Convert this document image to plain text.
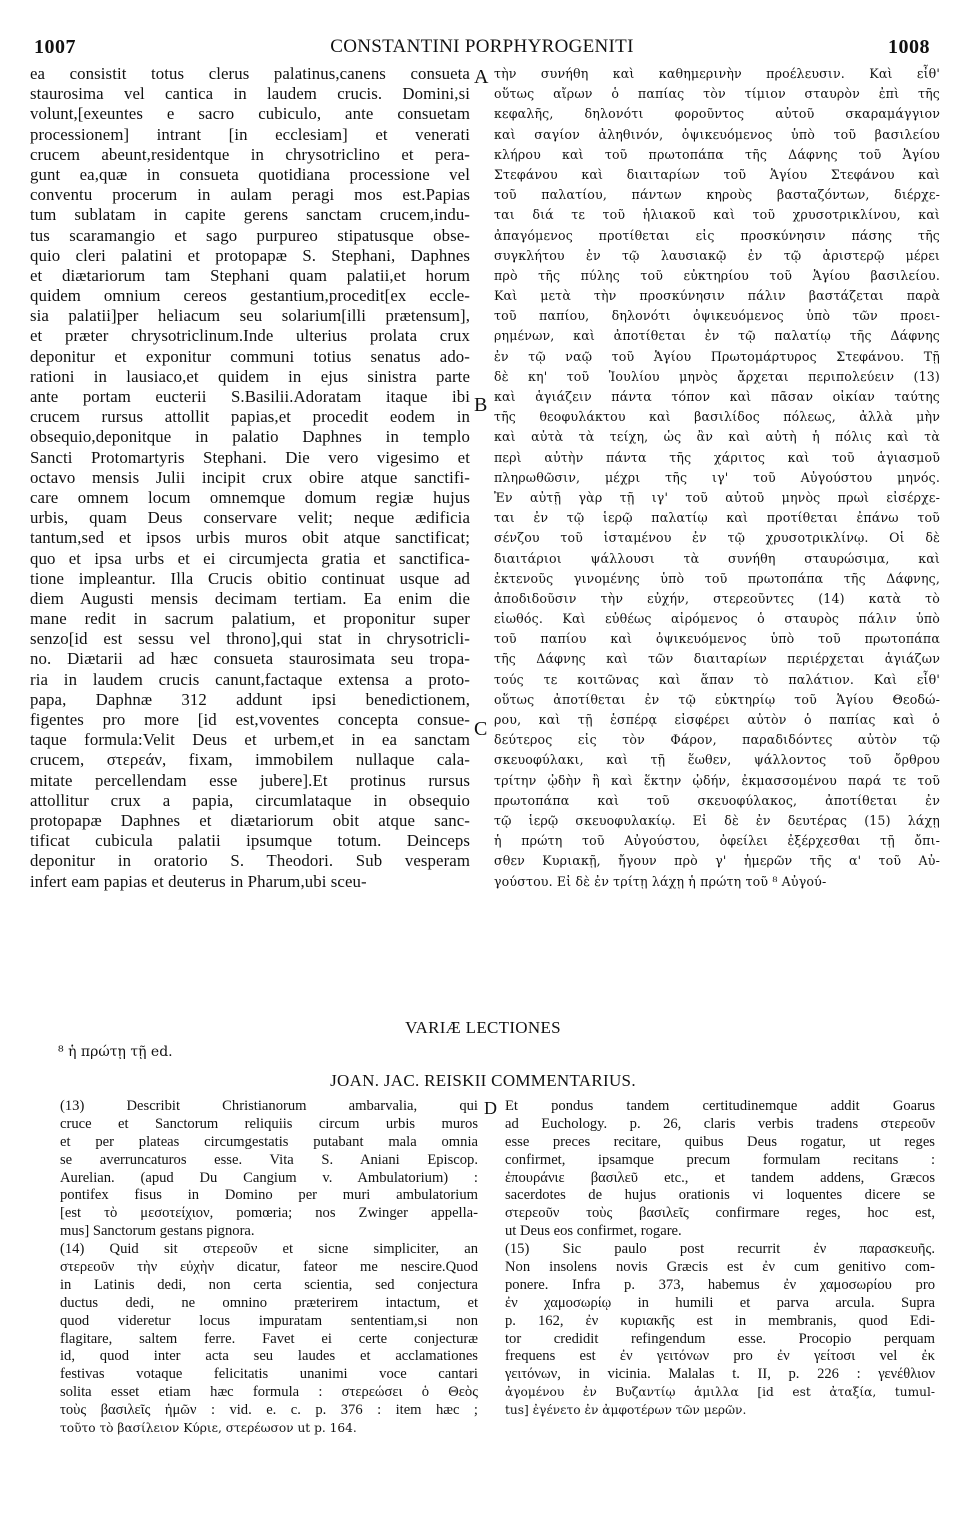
1007	CONSTANTINI PORPHYROGENITI	1008
ea consistit totus clerus palatinus,canens consueta
staurosima vel cantica in laudem crucis. Domini,si
volunt,[exeuntes e sacro cubiculo, ante consuetam
processionem] intrant [in ecclesiam] et venerati
crucem abeunt,residentque in chrysotriclino et pera-
gunt ea,quæ in consueta quotidiana processione vel
conventu procerum in aulam peragi mos est.Papias
tum sublatam in capite gerens sanctam crucem,indu-
tus scaramangio et sago purpureo stipatusque obse-
quio cleri palatini et protopapæ S. Stephani, Daphnes
et diætariorum tam Stephani quam palatii,et horum
quidem omnium cereos gestantium,procedit[ex eccle-
sia palatii]per heliacum seu solarium[illi prætensum],
et præter chrysotriclinum.Inde ulterius prolata crux
deponitur et exponitur communi totius senatus ado-
rationi in lausiaco,et quidem in ejus sinistra parte
ante portam eucterii S.Basilii.Adoratam itaque ibi
crucem rursus attollit papias,et procedit eodem in
obsequio,deponitque in palatio Daphnes in templo
Sancti Protomartyris Stephani. Die vero vigesimo et
octavo mensis Julii incipit crux obire atque sanctifi-
care omnem locum omnemque domum regiæ hujus
urbis, quam Deus conservare velit; neque ædificia
tantum,sed et ipsos urbis muros obit atque sanctificat;
quo et ipsa urbs et ei circumjecta gratia et sanctifica-
tione impleantur. Illa Crucis obitio continuat usque ad
diem Augusti mensis decimam tertiam. Ea enim die
mane redit in sacrum palatium, et proponitur super
senzo[id est sessu vel throno],qui stat in chrysotricli-
no. Diætarii ad hæc consueta staurosimata seu tropa-
ria in laudem crucis canunt,factaque extensa a proto-
papa, Daphnæ 312 addunt ipsi benedictionem,
figentes pro more [id est,voventes concepta consue-
taque formula:Velit Deus et urbem,et in ea sanctam
crucem, στερεάν, fixam, immobilem nullaque cala-
mitate percellendam esse jubere].Et protinus rursus
attollitur crux a papia, circumlataque in obsequio
protopapæ Daphnes et diætariorum obit atque sanc-
tificat cubicula palatii ipsumque totum. Deinceps
deponitur in oratorio S. Theodori. Sub vesperam
infert eam papias et deuterus in Pharum,ubi sceu-
τὴν συνήθη καὶ καθημερινὴν προέλευσιν. Καὶ εἶθ'
οὕτως αἴρων ὁ παπίας τὸν τίμιον σταυρὸν ἐπὶ τῆς
κεφαλῆς, δηλονότι φοροῦντος αὐτοῦ σκαραμάγγιον
καὶ σαγίον ἀληθινόν, ὀψικευόμενος ὑπὸ τοῦ βασιλείου
κλήρου καὶ τοῦ πρωτοπάπα τῆς Δάφνης τοῦ Ἁγίου
Στεφάνου καὶ διαιταρίων τοῦ Ἁγίου Στεφάνου καὶ
τοῦ παλατίου, πάντων κηροὺς βασταζόντων, διέρχε-
ται διά τε τοῦ ἡλιακοῦ καὶ τοῦ χρυσοτρικλίνου, καὶ
ἀπαγόμενος προτίθεται εἰς προσκύνησιν πάσης τῆς
συγκλήτου ἐν τῷ λαυσιακῷ ἐν τῷ ἀριστερῷ μέρει
πρὸ τῆς πύλης τοῦ εὐκτηρίου τοῦ Ἁγίου βασιλείου.
Καὶ μετὰ τὴν προσκύνησιν πάλιν βαστάζεται παρὰ
τοῦ παπίου, δηλονότι ὀψικευόμενος ὑπὸ τῶν προει-
ρημένων, καὶ ἀποτίθεται ἐν τῷ παλατίῳ τῆς Δάφνης
ἐν τῷ ναῷ τοῦ Ἁγίου Πρωτομάρτυρος Στεφάνου. Τῇ
δὲ κη' τοῦ Ἰουλίου μηνὸς ἄρχεται περιπολεύειν (13)
καὶ ἁγιάζειν πάντα τόπον καὶ πᾶσαν οἰκίαν ταύτης
τῆς θεοφυλάκτου καὶ βασιλίδος πόλεως, ἀλλὰ μὴν
καὶ αὐτὰ τὰ τείχη, ὡς ἂν καὶ αὐτὴ ἡ πόλις καὶ τὰ
περὶ αὐτὴν πάντα τῆς χάριτος καὶ τοῦ ἁγιασμοῦ
πληρωθῶσιν, μέχρι τῆς ιγ' τοῦ Αὐγούστου μηνός.
Ἐν αὐτῇ γὰρ τῇ ιγ' τοῦ αὐτοῦ μηνὸς πρωὶ εἰσέρχε-
ται ἐν τῷ ἱερῷ παλατίῳ καὶ προτίθεται ἐπάνω τοῦ
σένζου τοῦ ἱσταμένου ἐν τῷ χρυσοτρικλίνῳ. Οἱ δὲ
διαιτάριοι ψάλλουσι τὰ συνήθη σταυρώσιμα, καὶ
ἐκτενοῦς γινομένης ὑπὸ τοῦ πρωτοπάπα τῆς Δάφνης,
ἀποδιδοῦσιν τὴν εὐχήν, στερεοῦντες (14) κατὰ τὸ
εἰωθός. Καὶ εὐθέως αἰρόμενος ὁ σταυρὸς πάλιν ὑπὸ
τοῦ παπίου καὶ ὀψικευόμενος ὑπὸ τοῦ πρωτοπάπα
τῆς Δάφνης καὶ τῶν διαιταρίων περιέρχεται ἁγιάζων
τούς τε κοιτῶνας καὶ ἅπαν τὸ παλάτιον. Καὶ εἶθ'
οὕτως ἀποτίθεται ἐν τῷ εὐκτηρίῳ τοῦ Ἁγίου Θεοδώ-
ρου, καὶ τῇ ἑσπέρᾳ εἰσφέρει αὐτὸν ὁ παπίας καὶ ὁ
δεύτερος εἰς τὸν Φάρον, παραδιδόντες αὐτὸν τῷ
σκευοφύλακι, καὶ τῇ ἕωθεν, ψάλλοντος τοῦ ὄρθρου
τρίτην ᾠδὴν ἢ καὶ ἕκτην ᾠδήν, ἐκμασσομένου παρά τε τοῦ
πρωτοπάπα καὶ τοῦ σκευοφύλακος, ἀποτίθεται ἐν
τῷ ἱερῷ σκευοφυλακίῳ. Εἰ δὲ ἐν δευτέρας (15) λάχῃ
ἡ πρώτη τοῦ Αὐγούστου, ὀφείλει ἐξέρχεσθαι τῇ ὄπι-
σθεν Κυριακῇ, ἤγουν πρὸ γ' ἡμερῶν τῆς α' τοῦ Αὐ-
γούστου. Εἰ δὲ ἐν τρίτῃ λάχῃ ἡ πρώτη τοῦ ⁸ Αὐγού-
A
B
C
VARIÆ LECTIONES
⁸ ἡ πρώτῃ τῇ ed.
JOAN. JAC. REISKII COMMENTARIUS.
(13) Describit Christianorum ambarvalia, qui
cruce et Sanctorum reliquiis circum urbis muros
et per plateas circumgestatis putabant mala omnia
se averruncaturos esse. Vita S. Aniani Episcop.
Aurelian. (apud Du Cangium v. Ambulatorium) :
pontifex fisus in Domino per muri ambulatorium
[est τὸ μεσοτείχιον, pomœria; nos Zwinger appella-
mus] Sanctorum gestans pignora.
(14) Quid sit στερεοῦν et sicne simpliciter, an
στερεοῦν τὴν εὐχὴν dicatur, fateor me nescire.Quod
in Latinis dedi, non certa scientia, sed conjectura
ductus dedi, ne omnino præterirem intactum, et
quod videretur locus impuratam sententiam,si non
flagitare, saltem ferre. Favet ei certe conjecturæ
id, quod inter acta seu laudes et acclamationes
festivas votaque felicitatis unanimi voce cantari
solita esset etiam hæc formula : στερεώσει ὁ Θεὸς
τοὺς βασιλεῖς ἡμῶν : vid. e. c. p. 376 : item hæc ;
τοῦτο τὸ βασίλειον Κύριε, στερέωσον ut p. 164.
D Et pondus tandem certitudinemque addit Goarus
ad Euchology. p. 26, claris verbis tradens στερεοῦν
esse preces recitare, quibus Deus rogatur, ut reges
confirmet, ipsamque precum formulam recitans :
ἐπουράνιε βασιλεῦ etc., et tandem addens, Græcos
sacerdotes de hujus orationis vi loquentes dicere se
στερεοῦν τοὺς βασιλεῖς confirmare reges, hoc est,
ut Deus eos confirmet, rogare.
(15) Sic paulo post recurrit ἐν παρασκευῆς.
Non insolens novis Græcis est ἐν cum genitivo com-
ponere. Infra p. 373, habemus ἐν χαμοσωρίου pro
ἐν χαμοσωρίῳ in humili et parva arcula. Supra
p. 162, ἐν κυριακῆς est in membranis, quod Edi-
tor credidit refingendum esse. Procopio perquam
frequens est ἐν γειτόνων pro ἐν γείτοσι vel ἐκ
γειτόνων, in vicinia. Malalas t. II, p. 226 : γενέθλιον
ἀγομένου ἐν Βυζαντίῳ ἁμιλλα [id est ἀταξία, tumul-
tus] ἐγένετο ἐν ἀμφοτέρων τῶν μερῶν.
